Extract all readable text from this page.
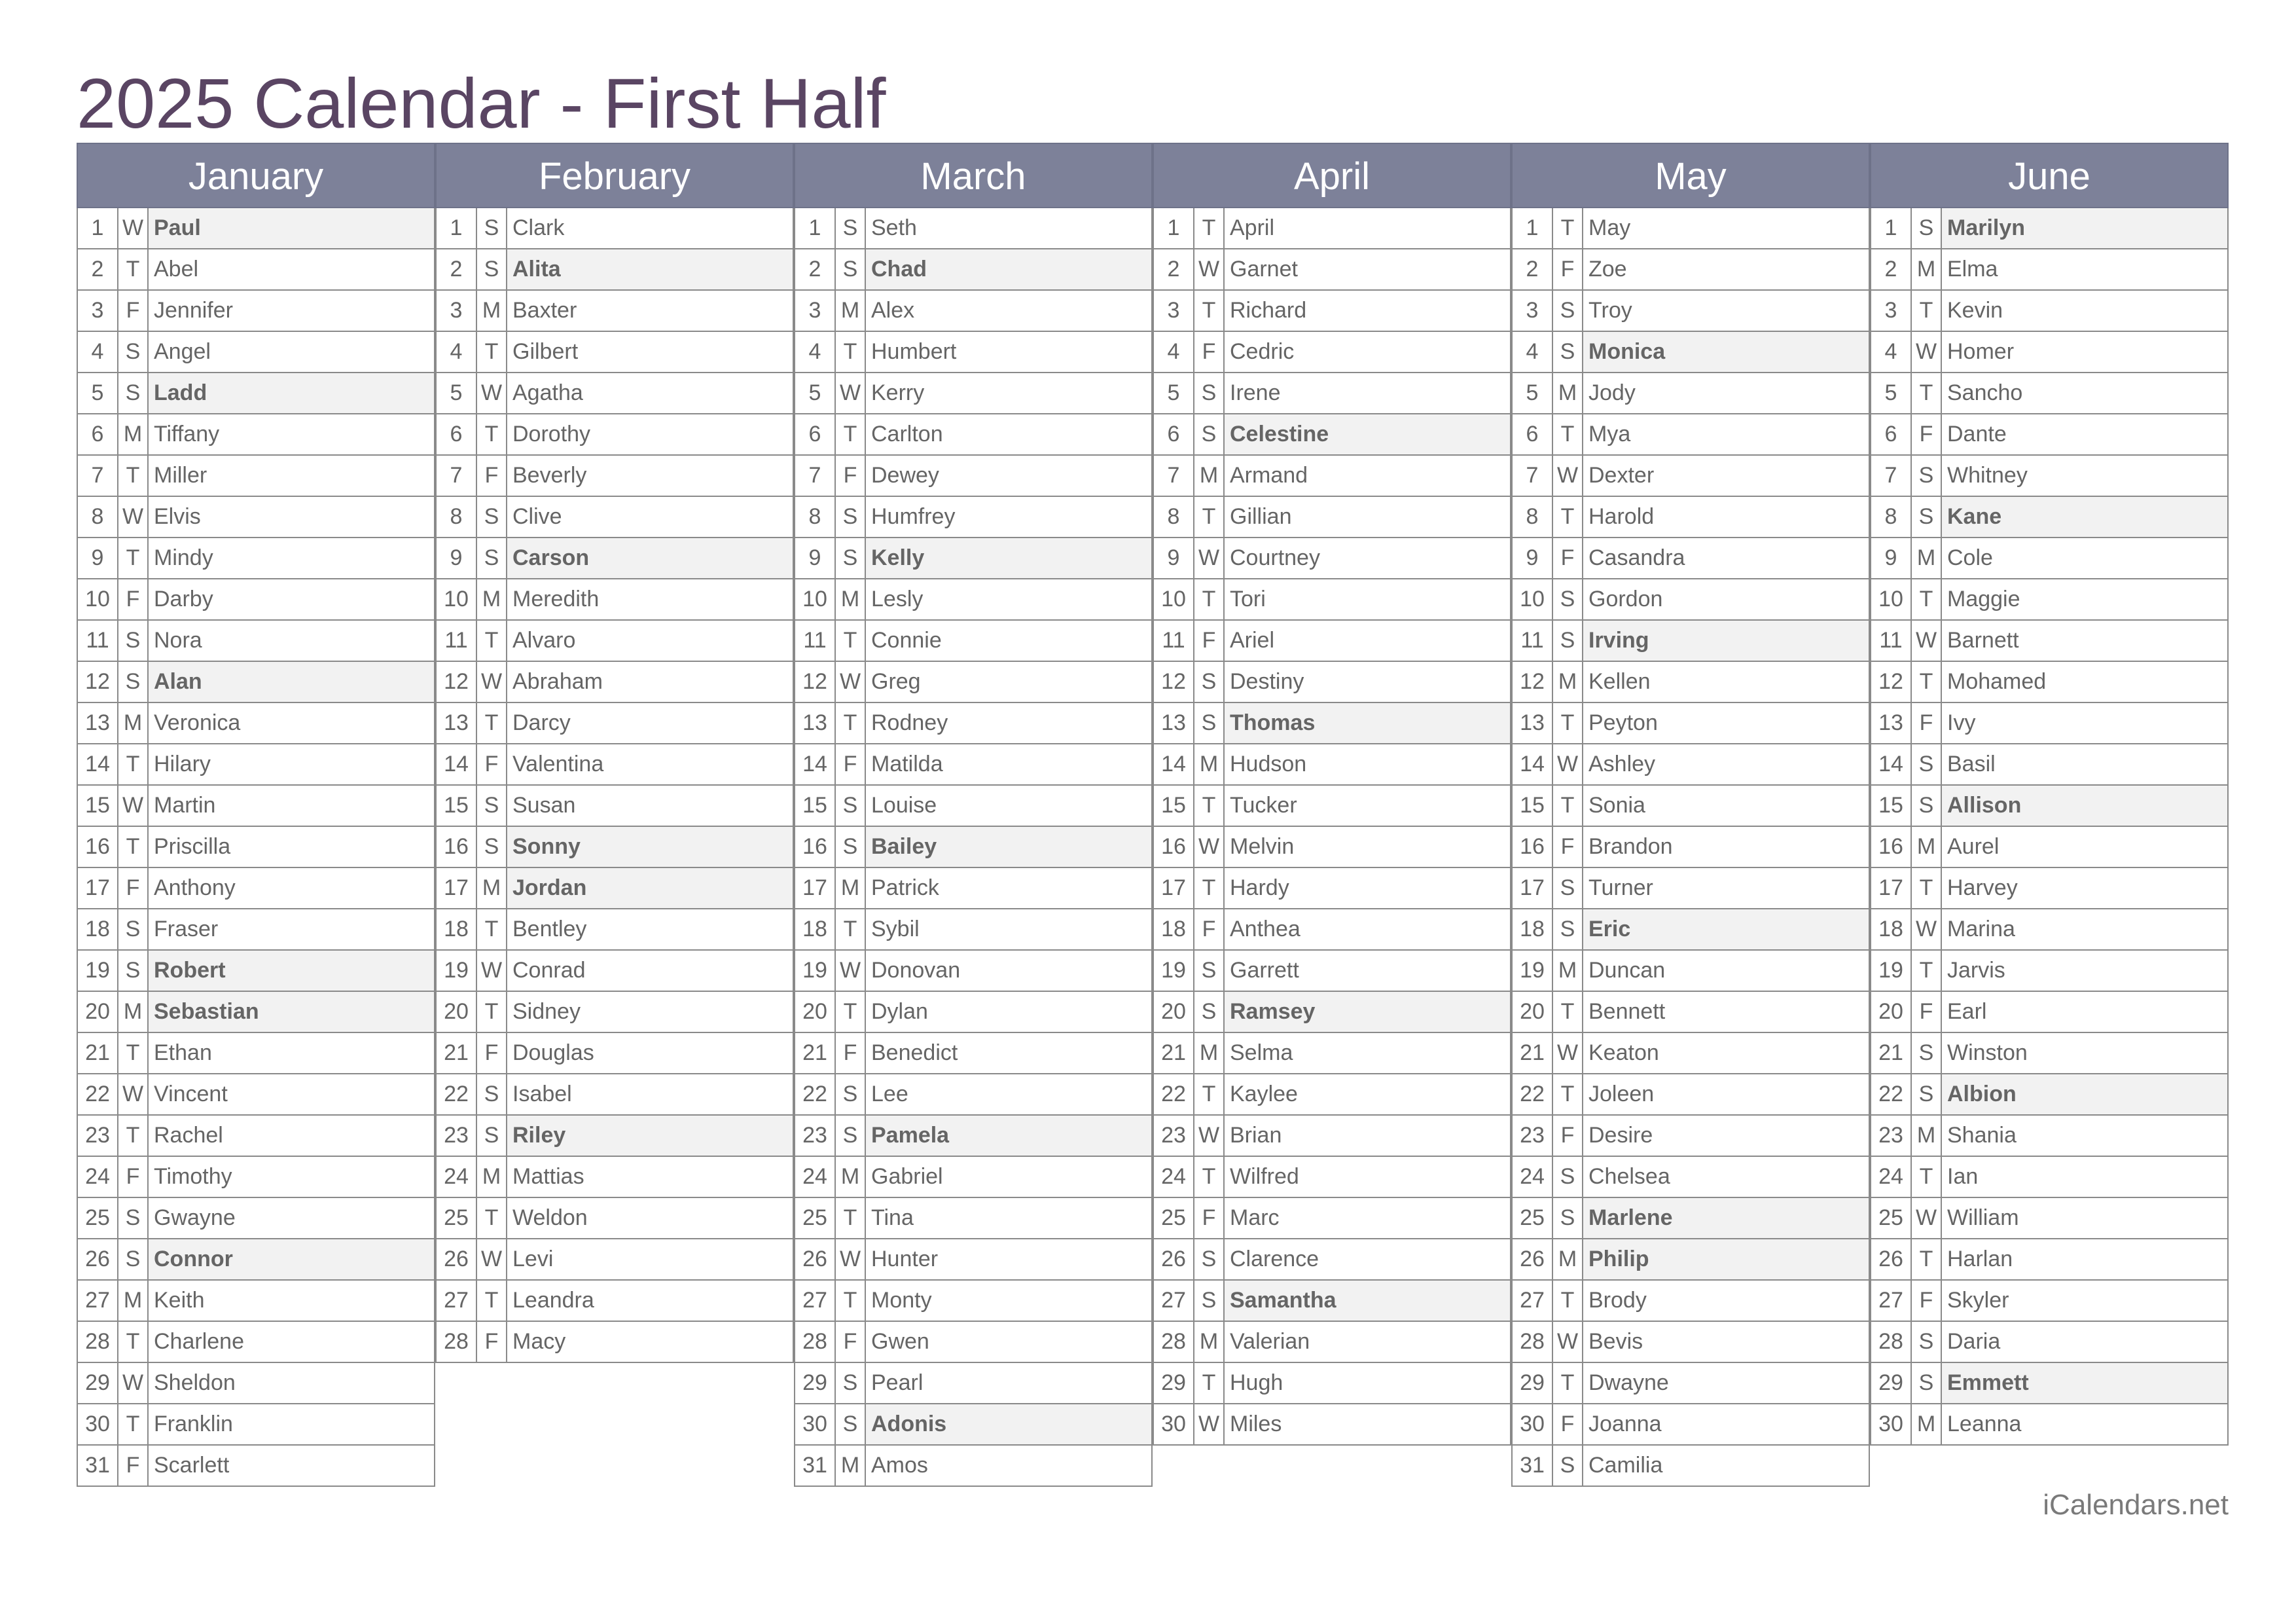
2025 Calendar - First Half
January
1 W Paul
2	T Abel
3	F Jennifer
4 S Angel
5 S Ladd
6 M Tiffany
7	T Miller
8 W Elvis
9	T Mindy
10 F Darby
11 S Nora
12 S Alan
13 M Veronica
14 T Hilary
15 W Martin
16 T Priscilla
17 F Anthony
18 S Fraser
19 S Robert
20 M Sebastian
21 T Ethan
22 W Vincent
23 T Rachel
24 F Timothy
25 S Gwayne
26 S Connor
27 M Keith
28 T Charlene
29 W Sheldon
30 T Franklin
31 F Scarlett
February
1 S Clark
2 S Alita
3 M Baxter
4	T Gilbert
5 W Agatha
6	T Dorothy
7	F Beverly
8 S Clive
9 S Carson
10 M Meredith
11 T Alvaro
12 W Abraham
13 T Darcy
14 F Valentina
15 S Susan
16 S Sonny
17 M Jordan
18 T Bentley
19 W Conrad
20 T Sidney
21 F Douglas
22 S Isabel
23 S Riley
24 M Mattias
25 T Weldon
26 W Levi
27 T Leandra
28 F Macy
March
1 S Seth
2 S Chad
3 M Alex
4	T Humbert
5 W Kerry
6	T Carlton
7	F Dewey
8 S Humfrey
9 S Kelly
10 M Lesly
11 T Connie
12 W Greg
13 T Rodney
14 F Matilda
15 S Louise
16 S Bailey
17 M Patrick
18 T Sybil
19 W Donovan
20 T Dylan
21 F Benedict
22 S Lee
23 S Pamela
24 M Gabriel
25 T Tina
26 W Hunter
27 T Monty
28 F Gwen
29 S Pearl
30 S Adonis
31 M Amos
April
1	T April
2 W Garnet
3	T Richard
4	F Cedric
5 S Irene
6 S Celestine
7 M Armand
8	T Gillian
9 W Courtney
10 T Tori
11 F Ariel
12 S Destiny
13 S Thomas
14 M Hudson
15 T Tucker
16 W Melvin
17 T Hardy
18 F Anthea
19 S Garrett
20 S Ramsey
21 M Selma
22 T Kaylee
23 W Brian
24 T Wilfred
25 F Marc
26 S Clarence
27 S Samantha
28 M Valerian
29 T Hugh
30 W Miles
May
1	T May
2	F Zoe
3 S Troy
4 S Monica
5 M Jody
6	T Mya
7 W Dexter
8	T Harold
9	F Casandra
10 S Gordon
11 S Irving
12 M Kellen
13 T Peyton
14 W Ashley
15 T Sonia
16 F Brandon
17 S Turner
18 S Eric
19 M Duncan
20 T Bennett
21 W Keaton
22 T Joleen
23 F Desire
24 S Chelsea
25 S Marlene
26 M Philip
27 T Brody
28 W Bevis
29 T Dwayne
30 F Joanna
31 S Camilia
June
1 S Marilyn
2 M Elma
3	T Kevin
4 W Homer
5	T Sancho
6	F Dante
7 S Whitney
8 S Kane
9 M Cole
10 T Maggie
11 W Barnett
12 T Mohamed
13 F Ivy
14 S Basil
15 S Allison
16 M Aurel
17 T Harvey
18 W Marina
19 T Jarvis
20 F Earl
21 S Winston
22 S Albion
23 M Shania
24 T Ian
25 W William
26 T Harlan
27 F Skyler
28 S Daria
29 S Emmett
30 M Leanna
iCalendars.net
